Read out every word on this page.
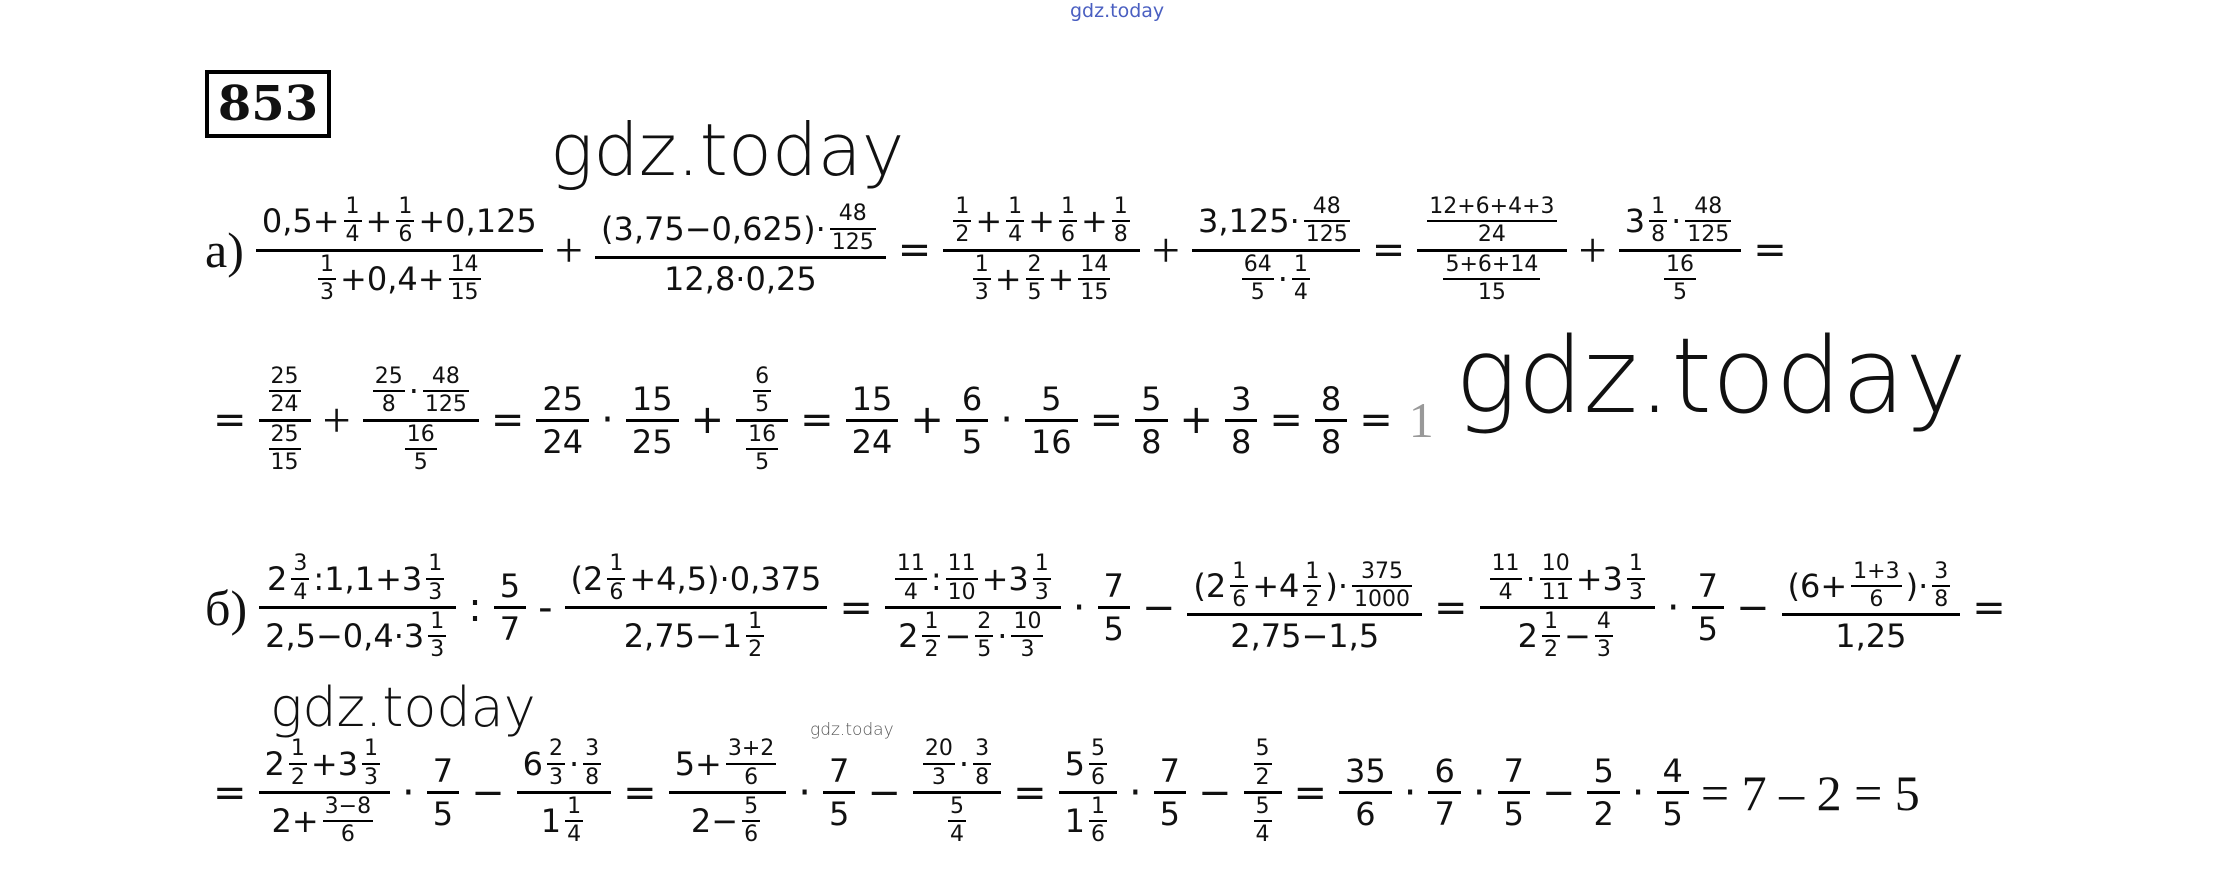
gdz.today
gdz.today
gdz.today
gdz.today	gdz.today
853
$а) \frac{0,5+ \frac{1}{4} + \frac{1}{6} +0,125}{\frac{1}{3} +0,4+ \frac{14}{15}} + \frac{(3,75-0,625)\cdot \frac{48}{125}}{12,8\cdot 0,25} = \frac{\frac{1}{2} + \frac{1}{4} + \frac{1}{6} + \frac{1}{8}}{\frac{1}{3} + \frac{2}{5} + \frac{14}{15}} + \frac{3,125\cdot \frac{48}{125}}{\frac{64}{5} \cdot \frac{1}{4}} = \frac{\frac{12+6+4+3}{24}}{\frac{5+6+14}{15}} + \frac{3 \frac{1}{8} \cdot \frac{48}{125}}{\frac{16}{5}}$ =
= $\frac{\frac{25}{24}}{\frac{25}{15}} + \frac{\frac{25}{8} \cdot \frac{48}{125}}{\frac{16}{5}} = \frac{25}{24} \cdot \frac{15}{25} + \frac{\frac{6}{5}}{\frac{16}{5}} = \frac{15}{24} + \frac{6}{5} \cdot \frac{5}{16} = \frac{5}{8} + \frac{3}{8} = \frac{8}{8} = 1$
$б) \frac{2 \frac{3}{4} :1,1+3 \frac{1}{3}}{2,5-0,4\cdot 3 \frac{1}{3}}$ : $\frac{5}{7} - \frac{(2 \frac{1}{6} +4,5)\cdot 0,375}{2,75-1 \frac{1}{2}} = \frac{\frac{11}{4} : \frac{11}{10} +3 \frac{1}{3}}{2 \frac{1}{2} - \frac{2}{5} \cdot \frac{10}{3}} \cdot \frac{7}{5} - \frac{(2 \frac{1}{6} +4 \frac{1}{2} )\cdot \frac{375}{1000}}{2,75-1,5} = \frac{\frac{11}{4} \cdot \frac{10}{11} +3 \frac{1}{3}}{2 \frac{1}{2} - \frac{4}{3}} \cdot \frac{7}{5} - \frac{(6+ \frac{1+3}{6} )\cdot \frac{3}{8}}{1,25}$ =
= $\frac{2 \frac{1}{2} +3 \frac{1}{3}}{2+ \frac{3-8}{6}} \cdot \frac{7}{5} - \frac{6 \frac{2}{3} \cdot \frac{3}{8}}{1 \frac{1}{4}} = \frac{5+ \frac{3+2}{6}}{2- \frac{5}{6}} \cdot \frac{7}{5} - \frac{\frac{20}{3} \cdot \frac{3}{8}}{\frac{5}{4}} = \frac{5 \frac{5}{6}}{1 \frac{1}{6}} \cdot \frac{7}{5} - \frac{\frac{5}{2}}{\frac{5}{4}} = \frac{35}{6} \cdot \frac{6}{7} \cdot \frac{7}{5} - \frac{5}{2} \cdot \frac{4}{5} = 7 - 2 = 5$
